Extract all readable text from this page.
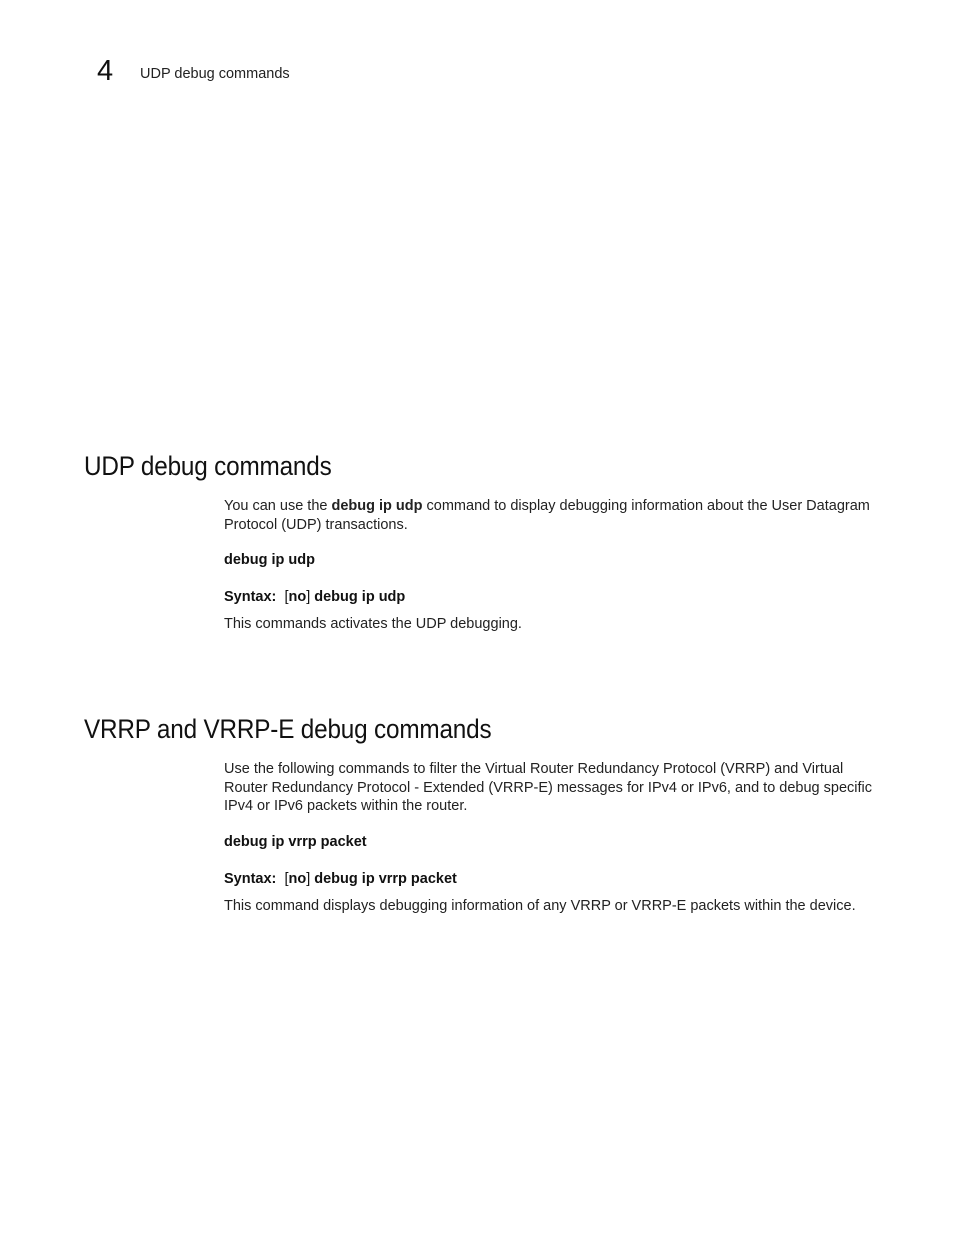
4 UDP debug commands
UDP debug commands

You can use the debug ip udp command to display debugging information about the User Datagram Protocol (UDP) transactions.

debug ip udp

Syntax: [no] debug ip udp

This commands activates the UDP debugging.

VRRP and VRRP-E debug commands

Use the following commands to filter the Virtual Router Redundancy Protocol (VRRP) and Virtual Router Redundancy Protocol - Extended (VRRP-E) messages for IPv4 or IPv6, and to debug specific IPv4 or IPv6 packets within the router.

debug ip vrrp packet

Syntax: [no] debug ip vrrp packet

This command displays debugging information of any VRRP or VRRP-E packets within the device.
